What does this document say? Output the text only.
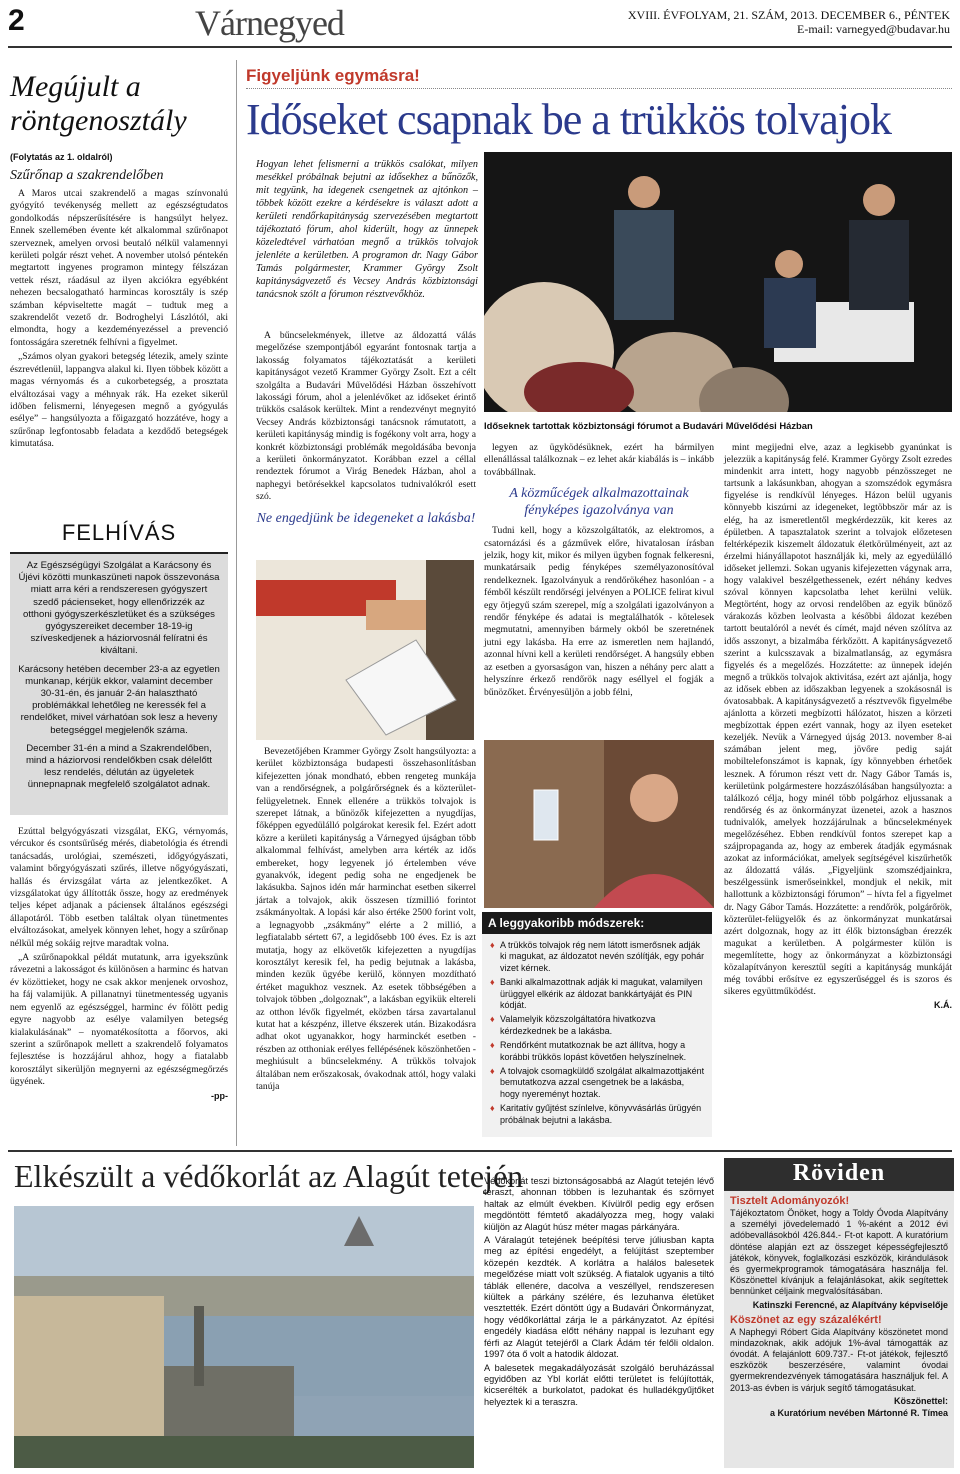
2	Várnegyed	XVIII. ÉVFOLYAM, 21. SZÁM, 2013. DECEMBER 6., PÉNTEK
E-mail: varnegyed@budavar.hu
Megújult a röntgenosztály
(Folytatás az 1. oldalról)
Szűrőnap a szakrendelőben

A Maros utcai szakrendelő a magas színvonalú gyógyító tevékenység mellett az egészségtudatos gondolkodás népszerűsítésére is hangsúlyt helyez. Ennek szellemében évente két alkalommal szűrőnapot szerveznek, amelyen orvosi beutaló nélkül valamennyi kerületi polgár részt vehet. A november utolsó péntekén megtartott ingyenes programon mintegy félszázan vettek részt, ráadásul az ilyen akciókra egyébként nehezen becsalogatható harmincas korosztály is szép számban képviseltette magát – tudtuk meg a szakrendelőt vezető dr. Bodroghelyi Lászlótól, aki elmondta, hogy a kezdeményezéssel a prevenció fontosságára szeretnék felhívni a figyelmet.

„Számos olyan gyakori betegség létezik, amely szinte észrevétlenül, lappangva alakul ki. Ilyen többek között a magas vérnyomás és a cukorbetegség, a prosztata elváltozásai vagy a méhnyak rák. Ha ezeket sikerül időben felismerni, lényegesen megnő a gyógyulás esélye” – hangsúlyozta a főigazgató hozzátéve, hogy a szűrőnap legfontosabb feladata a kezdődő betegségek kimutatása.

FELHÍVÁS

Az Egészségügyi Szolgálat a Karácsony és Újévi közötti munkaszüneti napok összevonása miatt arra kéri a rendszeresen gyógyszert szedő pácienseket, hogy ellenőrizzék az otthoni gyógyszerkészletüket és a szükséges gyógyszereiket december 18-19-ig szíveskedjenek a háziorvosnál felíratni és kiváltani.

Karácsony hetében december 23-a az egyetlen munkanap, kérjük ekkor, valamint december 30-31-én, és január 2-án halasztható problémákkal lehetőleg ne keressék fel a rendelőket, mivel várhatóan sok lesz a heveny betegséggel megjelenők száma.

December 31-én a mind a Szakrendelőben, mind a háziorvosi rendelőkben csak délelőtt lesz rendelés, délután az ügyeletek ünnepnapnak megfelelő szolgálatot adnak.

Ezúttal belgyógyászati vizsgálat, EKG, vérnyomás, vércukor és csontsűrűség mérés, diabetológia és étrendi tanácsadás, urológiai, szemészeti, időgyógyászati, valamint bőrgyógyászati szűrés, illetve nőgyógyászati, hallás és érvizsgálat várta az jelentkezőket. A vizsgálatokat úgy állították össze, hogy az eredmények teljes képet adjanak a páciensek általános egészségi állapotáról. Több esetben találtak olyan tünetmentes elváltozásokat, amelyek könnyen lehet, hogy a szűrőnap nélkül még sokáig rejtve maradtak volna.

„A szűrőnapokkal példát mutatunk, arra igyekszünk rávezetni a lakosságot és különösen a harminc és hatvan év közöttieket, hogy ne csak akkor menjenek orvoshoz, ha fáj valamijük. A pillanatnyi tünetmentesség ugyanis nem egyenlő az egészséggel, harminc év fölött pedig egyre nagyobb az esélye valamilyen betegség kialakulásának” – nyomatékosította a főorvos, aki szerint a szűrőnapok mellett a szakrendelő folyamatos fejlesztése is hozzájárul ahhoz, hogy a fiatalabb korosztályt sikerüljön megnyerni az egészségmegőrzés ügyének.

-pp-
Figyeljünk egymásra!
Időseket csapnak be a trükkös tolvajok
Hogyan lehet felismerni a trükkös csalókat, milyen mesékkel próbálnak bejutni az idősekhez a bűnözők, mit tegyünk, ha idegenek csengetnek az ajtónkon – többek között ezekre a kérdésekre is választ adott a kerületi rendőrkapitányság szervezésében megtartott tájékoztató fórum, ahol kiderült, hogy az ünnepek közeledtével várhatóan megnő a trükkös tolvajok jelenléte a kerületben. A programon dr. Nagy Gábor Tamás polgármester, Krammer György Zsolt kapitányságvezető és Vecsey András közbiztonsági tanácsnok szólt a fórumon résztvevőkhöz.
Időseknek tartottak közbiztonsági fórumot a Budavári Művelődési Házban

A bűncselekmények, illetve az áldozattá válás megelőzése szempontjából egyaránt fontosnak tartja a lakosság folyamatos tájékoztatását a kerületi kapitányságot vezető Krammer György Zsolt. Ezt a célt szolgálta a Budavári Művelődési Házban összehívott lakossági fórum, ahol a jelenlévőket az időseket érintő trükkös csalások kerültek. Mint a rendezvényt megnyitó Vecsey András közbiztonsági tanácsnok rámutatott, a kerületi kapitányság mindig is fogékony volt arra, hogy a konkrét közbiztonsági problémák megoldásába bevonja a kerületi önkormányzatot. Korábban ezzel a céllal rendeztek fórumot a Virág Benedek Házban, ahol a naphegyi betörésekkel kapcsolatos tudnivalókról esett szó.

Ne engedjünk be idegeneket a lakásba!

Bevezetőjében Krammer György Zsolt hangsúlyozta: a kerület közbiztonsága budapesti összehasonlításban kifejezetten jónak mondható, ebben rengeteg munkája van a rendőrségnek, a polgárőrségnek és a közterület-felügyeletnek. Ennek ellenére a trükkös tolvajok is szerepet látnak, a bűnözők kifejezetten a nyugdíjas, főképpen egyedülálló polgárokat keresik fel. Ezért adott közre a kerületi kapitányság a Várnegyed újságban több alkalommal felhívást, amelyben arra kérték az idős embereket, hogy legyenek jó értelemben véve gyanakvók, idegent pedig soha ne engedjenek be lakásukba. Sajnos idén már harminchat esetben sikerrel jártak a tolvajok, akik összesen tízmillió forintot zsákmányoltak. A lopási kár also értéke 2500 forint volt, a legnagyobb „zsákmány” elérte a 2 millió, a legfiatalabb sértett 67, a legidősebb 100 éves. Ez is azt mutatja, hogy az elkövetők kifejezetten a nyugdíjas korosztályt keresik fel, ha pedig bejutnak a lakásba, minden kezük ügyébe kerülő, könnyen mozdítható értéket magukhoz vesznek. Az esetek többségében a tolvajok többen „dolgoznak”, a lakásban egyikük eltereli az otthon lévők figyelmét, eközben társa zavartalanul kutat hat a készpénz, illetve ékszerek után. Bizakodásra adhat okot ugyanakkor, hogy harminckét esetben - részben az otthoniak erélyes fellépésének köszönhetően - meghiúsult a bűncselekmény. A trükkös tolvajok általában nem erőszakosak, óvakodnak attól, hogy valaki tanúja

legyen az ügyködésüknek, ezért ha bármilyen ellenállással találkoznak – ez lehet akár kiabálás is – inkább továbbállnak.

A közműcégek alkalmazottainak fényképes igazolványa van

Tudni kell, hogy a közszolgáltatók, az elektromos, a csatornázási és a gázművek előre, hivatalosan írásban jelzik, hogy kit, mikor és milyen ügyben fognak felkeresni, munkatársaik pedig fényképes személyazonosítóval rendelkeznek. Igazolványuk a rendőrökéhez hasonlóan - a fémből készült rendőrségi jelvényen a POLICE felirat kivul egy ötjegyű szám szerepel, míg a szolgálati igazolványon a rendőr fényképe és adatai is megtalálhatók - kötelesek megmutatni, amennyiben bármely okból be szeretnének jutni egy lakásba. Ha erre az ismeretlen nem hajlandó, azonnal hívni kell a kerületi rendőrséget. A hangsúly ebben az esetben a gyorsaságon van, hiszen a néhány perc alatt a helyszínre érkező rendőrök nagy eséllyel el fogják a bűnözőket. Érvényesüljön a jobb félni,

A leggyakoribb módszerek:
♦ A trükkös tolvajok rég nem látott ismerősnek adják ki magukat, az áldozatot nevén szólítják, egy pohár vizet kérnek.
♦ Banki alkalmazottnak adják ki magukat, valamilyen ürüggyel elkérik az áldozat bankkártyáját és PIN kódját.
♦ Valamelyik közszolgáltatóra hivatkozva kérdezkednek be a lakásba.
♦ Rendőrként mutatkoznak be azt állítva, hogy a korábbi trükkös lopást követően helyszínelnek.
♦ A tolvajok csomagküldő szolgálat alkalmazottjaként bemutatkozva azzal csengetnek be a lakásba, hogy nyereményt hoztak.
♦ Karitatív gyűjtést színlelve, könyvvásárlás ürügyén próbálnak bejutni a lakásba.

mint megijedni elve, azaz a legkisebb gyanúnkat is jelezzük a kapitányság felé. Krammer György Zsolt ezredes mindenkit arra intett, hogy nagyobb pénzösszeget ne tartsunk a lakásunkban, ahogyan a szomszédok egymásra figyelése is rendkívül lényeges. Házon belül ugyanis könnyebb kiszúrni az idegeneket, legtöbbször már az is elég, ha az ismeretlentől megkérdezzük, kit keres az épületben. A tapasztalatok szerint a tolvajok előzetesen feltérképezik kiszemelt áldozatuk életkörülményeit, azt az érzelmi hiányállapotot használják ki, mely az egyedülálló időseket jellemzi. Sokan ugyanis kifejezetten vágynak arra, hogy valakivel beszélgethessenek, ezért néhány kedves szóval könnyen kapcsolatba lehet kerülni velük. Megtörtént, hogy az orvosi rendelőben az egyik bűnöző várakozás közben leolvasta a későbbi áldozat kezében tartott beutalóról a nevét és címét, majd néven szólítva az idős asszonyt, a bizalmába férkőzött. A kapitányságvezető szerint a kulcsszavak a bizalmatlanság, az egymásra figyelés és a megelőzés. Hozzátette: az ünnepek idején megnő a trükkös tolvajok aktivitása, ezért azt ajánlja, hogy az idősek ebben az időszakban legyenek a szokásosnál is óvatosabbak. A kapitányságvezető a résztvevők figyelmébe ajánlotta a körzeti megbízotti hálózatot, hiszen a körzeti megbízottak éppen ezért vannak, hogy az ilyen eseteket kezeljék. Nevük a Várnegyed újság 2013. november 8-ai számában jelent meg, jövőre pedig saját mobiltelefonszámot is kapnak, így könnyebben érhetőek lesznek. A fórumon részt vett dr. Nagy Gábor Tamás is, kerületünk polgármestere hozzászólásában hangsúlyozta: a találkozó célja, hogy minél több polgárhoz eljussanak a rendőrség és az önkormányzat üzenetei, azok a hasznos tudnivalók, amelyek hozzájárulnak a bűncselekmények megelőzéséhez. Ebben rendkívül fontos szerepet kap a szájpropaganda az, hogy az emberek átadják egymásnak azokat az információkat, amelyek segítségével kiszűrhetők az áldozattá válás. „Figyeljünk szomszédjainkra, beszélgessünk ismerőseinkkel, mondjuk el nekik, mit hallottunk a közbiztonsági fórumon” – hívta fel a figyelmet dr. Nagy Gábor Tamás. Hozzátette: a rendőrök, polgárőrök, közterület-felügyelők és az önkormányzat munkatársai azért dolgoznak, hogy az itt élők biztonságban érezzék magukat a kerületben. A polgármester külön is megemlítette, hogy az önkormányzat a közbiztonsági közalapítványon keresztül segíti a kapitányság munkáját még további erősítve ez egyszerűséggel és is szoros és sikeres együttműködést.

K.Á.
Elkészült a védőkorlát az Alagút tetején

Védőkorlát teszi biztonságosabbá az Alagút tetején lévő teraszt, ahonnan többen is lezuhantak és szörnyet haltak az elmúlt években. Kívülről pedig egy erősen megdöntött fémtető akadályozza meg, hogy valaki kiüljön az Alagút húsz méter magas párkányára.

A Váralagút tetejének beépítési terve júliusban kapta meg az építési engedélyt, a felújítást szeptember közepén kezdték. A korlátra a halálos balesetek megelőzése miatt volt szükség. A fiatalok ugyanis a tiltó táblák ellenére, dacolva a veszéllyel, rendszeresen kiültek a párkány szélére, és lezuhanva életüket vesztették. Ezért döntött úgy a Budavári Önkormányzat, hogy védőkorláttal zárja le a párkányzatot. Az építési engedély kiadása előtt néhány nappal is lezuhant egy férfi az Alagút tetejéről a Clark Ádám tér felőli oldalon. 1997 óta ő volt a hatodik áldozat.

A balesetek megakadályozását szolgáló beruházással egyidőben az Ybl korlát előtti területet is felújították, kicserélték a burkolatot, padokat és hulladékgyűjtőket helyeztek ki a teraszra.

Röviden
Tisztelt Adományozók!
Tájékoztatom Önöket, hogy a Toldy Óvoda Alapítvány a személyi jövedelemadó 1 %-aként a 2012 évi adóbevallásokból 426.844.- Ft-ot kapott. A kuratórium döntése alapján ezt az összeget képességfejlesztő játékok, könyvek, foglalkozási eszközök, kirándulások és gyermekprogramok támogatására használja fel. Köszönettel kívánjuk a felajánlásokat, akik segítettek bennünket céljaink megvalósításában.
Katinszki Ferencné, az Alapítvány képviselője
Köszönet az egy százalékért!
A Naphegyi Róbert Gida Alapítvány köszönetet mond mindazoknak, akik adójuk 1%-ával támogatták az óvodát. A felajánlott 609.737.- Ft-ot játékok, fejlesztő eszközök beszerzésére, valamint óvodai gyermekrendezvények támogatására használjuk fel. A 2013-as évben is várjuk segítő támogatásukat.
Köszönettel:
a Kuratórium nevében Mártonné R. Tímea
